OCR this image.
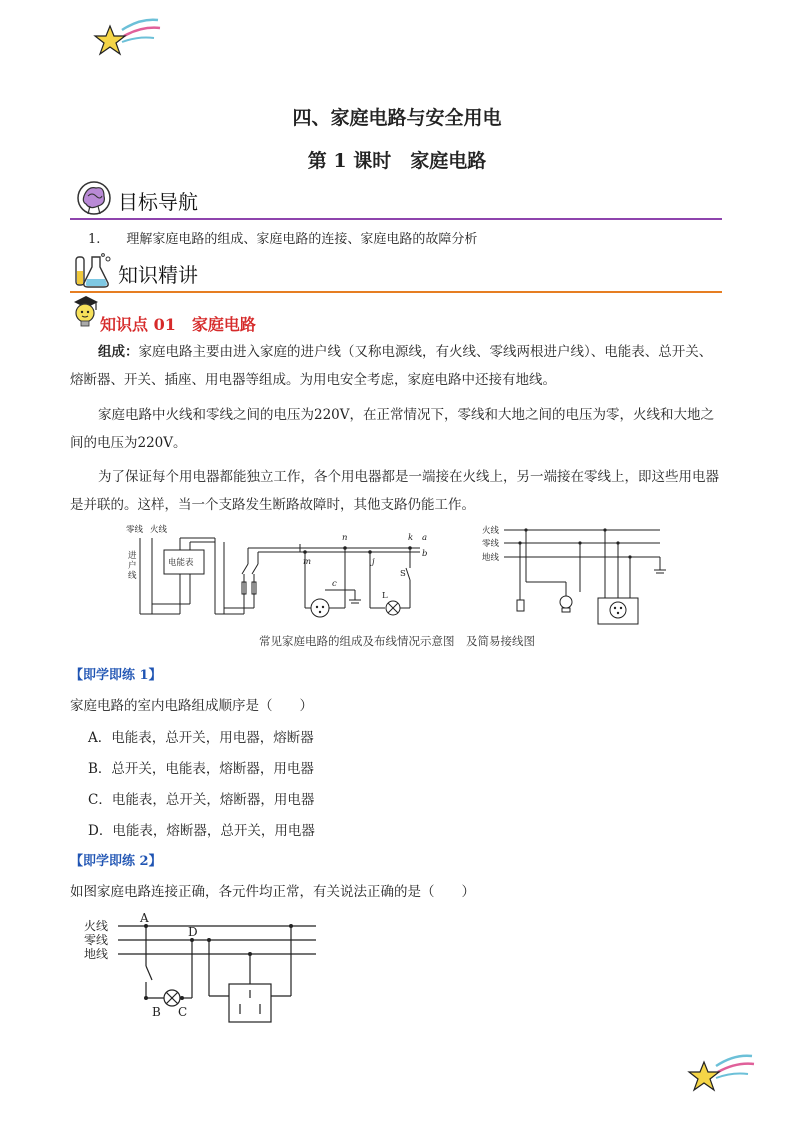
四、家庭电路与安全用电
第 1 课时　家庭电路
目标导航
1.　　理解家庭电路的组成、家庭电路的连接、家庭电路的故障分析
知识精讲
知识点 01　家庭电路
组成：家庭电路主要由进入家庭的进户线（又称电源线，有火线、零线两根进户线）、电能表、总开关、熔断器、开关、插座、用电器等组成。为用电安全考虑，家庭电路中还接有地线。
家庭电路中火线和零线之间的电压为220V，在正常情况下，零线和大地之间的电压为零，火线和大地之间的电压为220V。
为了保证每个用电器都能独立工作，各个用电器都是一端接在火线上，另一端接在零线上，即这些用电器是并联的。这样，当一个支路发生断路故障时，其他支路仍能工作。
零线 火线
进
户
线
电能表
a
b
n	k
m	j
c
S
L
火线
零线
地线
常见家庭电路的组成及布线情况示意图　及简易接线图
【即学即练 1】
家庭电路的室内电路组成顺序是（　　）
A．电能表，总开关，用电器，熔断器
B．总开关，电能表，熔断器，用电器
C．电能表，总开关，熔断器，用电器
D．电能表，熔断器，总开关，用电器
【即学即练 2】
如图家庭电路连接正确，各元件均正常，有关说法正确的是（　　）
火线
零线
地线
A
D
B C
